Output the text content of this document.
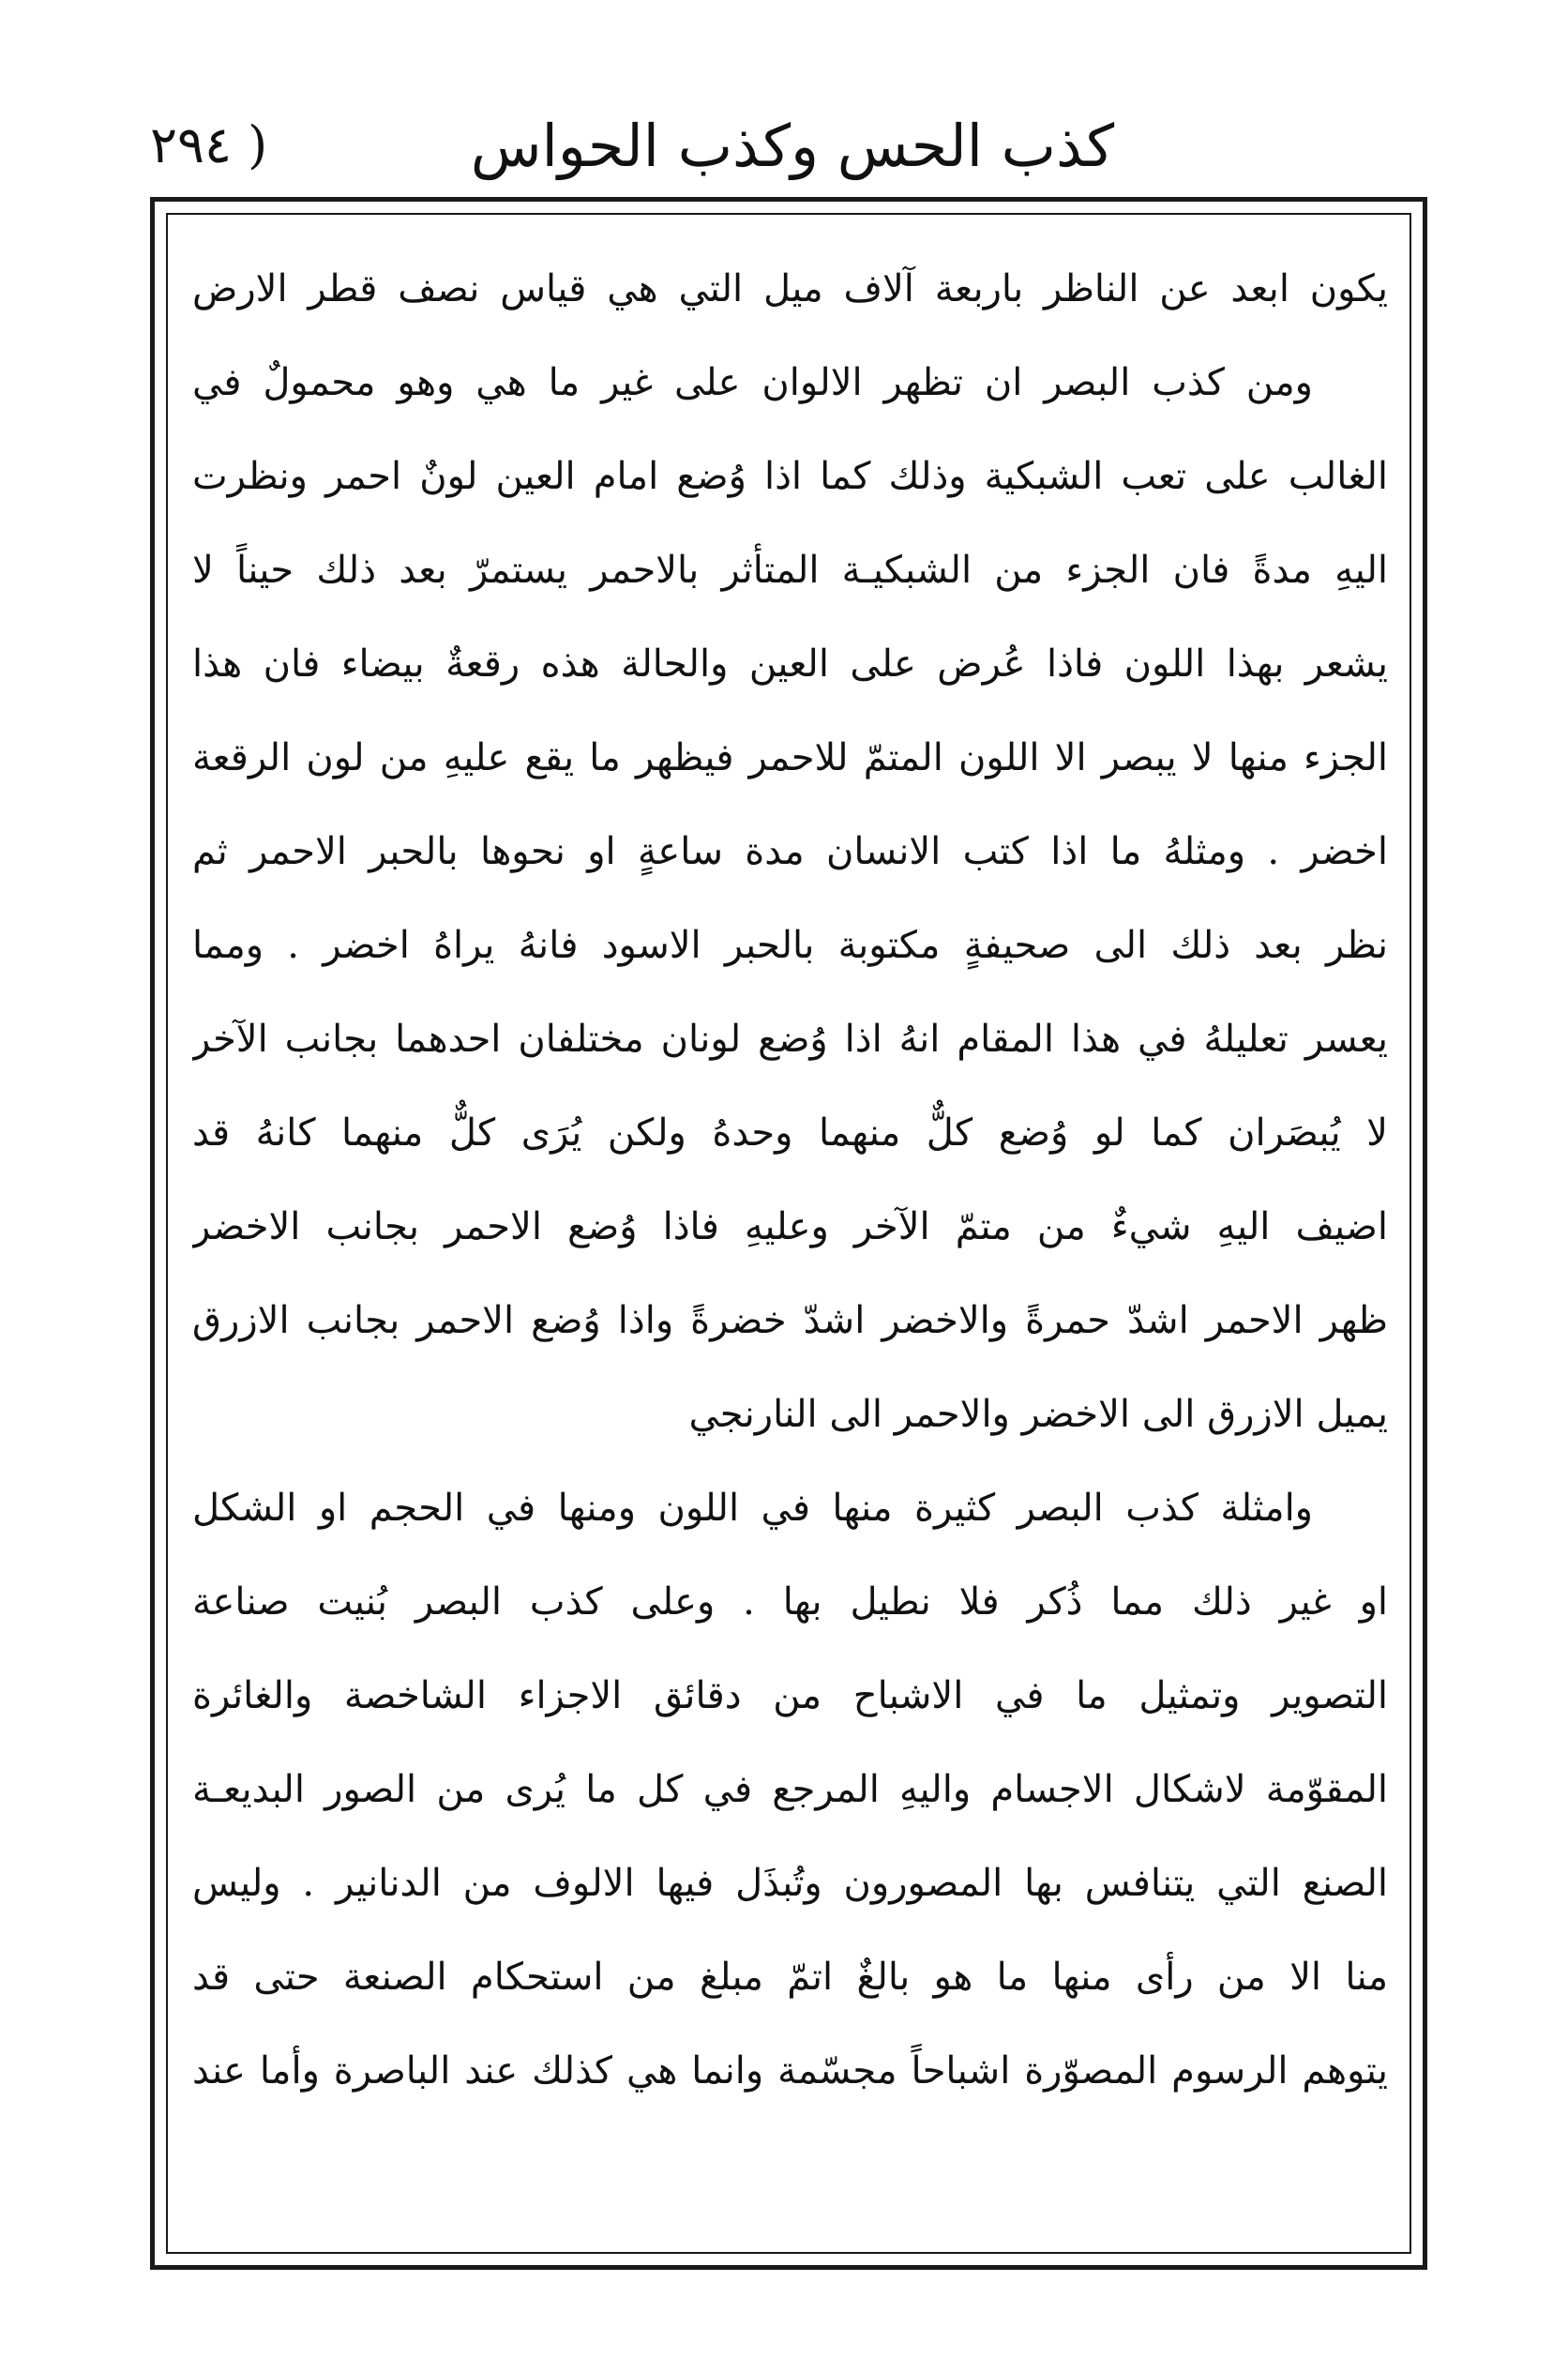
( ٢٩٤	كذب الحس وكذب الحواس
يكون ابعد عن الناظر باربعة آلاف ميل التي هي قياس نصف قطر الارض
ومن كذب البصر ان تظهر الالوان على غير ما هي وهو محمولٌ في
الغالب على تعب الشبكية وذلك كما اذا وُضع امام العين لونٌ احمر ونظرت
اليهِ مدةً فان الجزء من الشبكيـة المتأثر بالاحمر يستمرّ بعد ذلك حيناً لا
يشعر بهذا اللون فاذا عُرض على العين والحالة هذه رقعةٌ بيضاء فان هذا
الجزء منها لا يبصر الا اللون المتمّ للاحمر فيظهر ما يقع عليهِ من لون الرقعة
اخضر . ومثلهُ ما اذا كتب الانسان مدة ساعةٍ او نحوها بالحبر الاحمر ثم
نظر بعد ذلك الى صحيفةٍ مكتوبة بالحبر الاسود فانهُ يراهُ اخضر . ومما
يعسر تعليلهُ في هذا المقام انهُ اذا وُضع لونان مختلفان احدهما بجانب الآخر
لا يُبصَران كما لو وُضع كلٌّ منهما وحدهُ ولكن يُرَى كلٌّ منهما كانهُ قد
اضيف اليهِ شيءٌ من متمّ الآخر وعليهِ فاذا وُضع الاحمر بجانب الاخضر
ظهر الاحمر اشدّ حمرةً والاخضر اشدّ خضرةً واذا وُضع الاحمر بجانب الازرق
يميل الازرق الى الاخضر والاحمر الى النارنجي
وامثلة كذب البصر كثيرة منها في اللون ومنها في الحجم او الشكل
او غير ذلك مما ذُكر فلا نطيل بها . وعلى كذب البصر بُنيت صناعة
التصوير وتمثيل ما في الاشباح من دقائق الاجزاء الشاخصة والغائرة
المقوّمة لاشكال الاجسام واليهِ المرجع في كل ما يُرى من الصور البديعـة
الصنع التي يتنافس بها المصورون وتُبذَل فيها الالوف من الدنانير . وليس
منا الا من رأى منها ما هو بالغٌ اتمّ مبلغ من استحكام الصنعة حتى قد
يتوهم الرسوم المصوّرة اشباحاً مجسّمة وانما هي كذلك عند الباصرة وأما عند
